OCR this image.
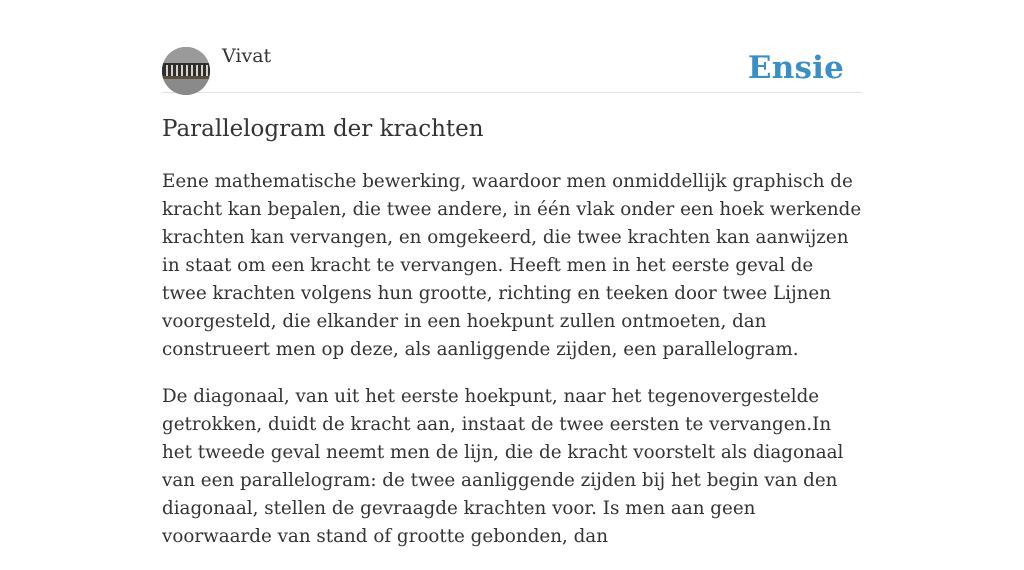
Vivat	Ensie
Parallelogram der krachten

Eene mathematische bewerking, waardoor men onmiddellijk graphisch de kracht kan bepalen, die twee andere, in één vlak onder een hoek werkende krachten kan vervangen, en omgekeerd, die twee krachten kan aanwijzen in staat om een kracht te vervangen. Heeft men in het eerste geval de twee krachten volgens hun grootte, richting en teeken door twee Lijnen voorgesteld, die elkander in een hoekpunt zullen ontmoeten, dan construeert men op deze, als aanliggende zijden, een parallelogram.

De diagonaal, van uit het eerste hoekpunt, naar het tegenovergestelde getrokken, duidt de kracht aan, instaat de twee eersten te vervangen.In het tweede geval neemt men de lijn, die de kracht voorstelt als diagonaal van een parallelogram: de twee aanliggende zijden bij het begin van den diagonaal, stellen de gevraagde krachten voor. Is men aan geen voorwaarde van stand of grootte gebonden, dan
